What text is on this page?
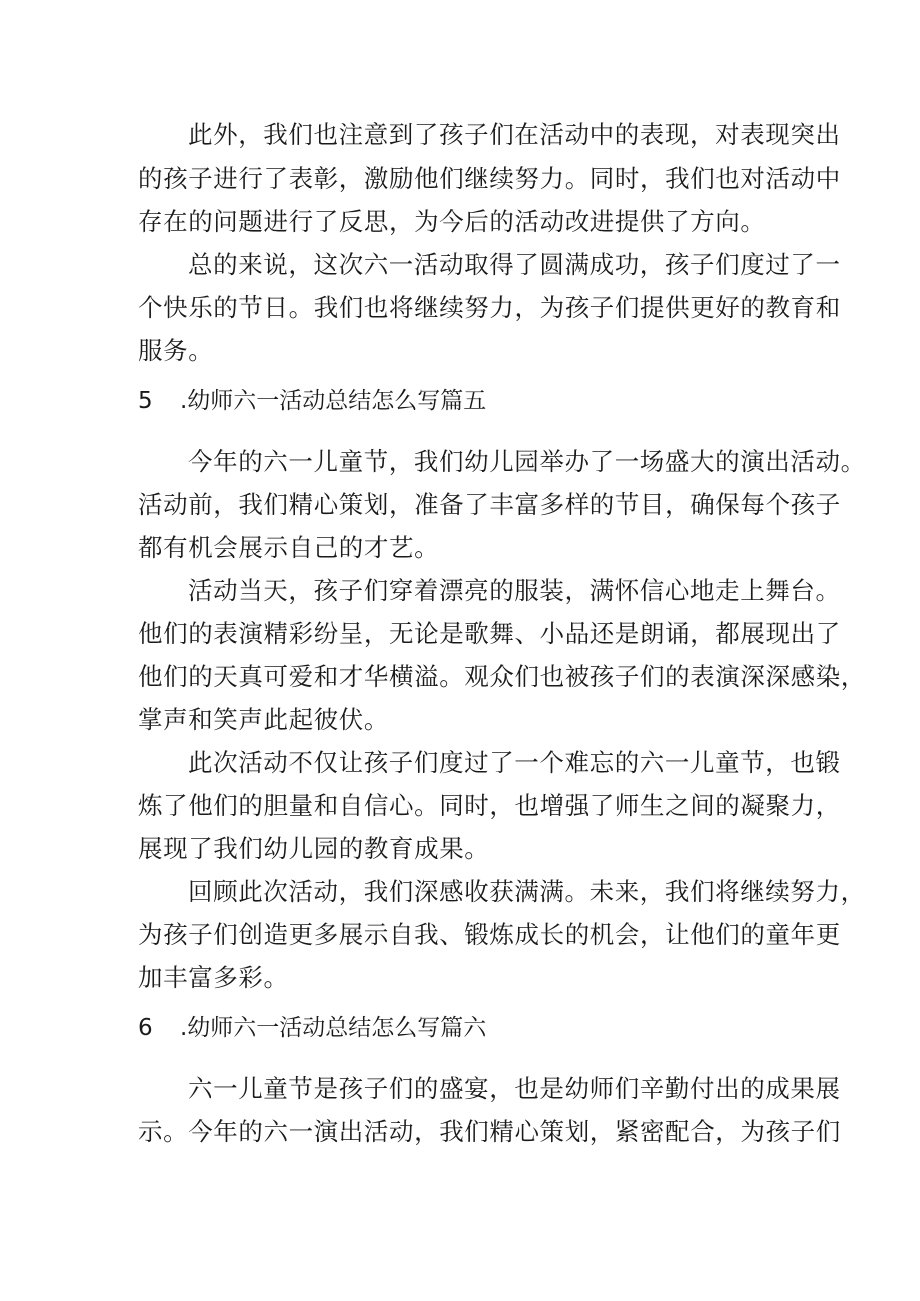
此外，我们也注意到了孩子们在活动中的表现，对表现突出
的孩子进行了表彰，激励他们继续努力。同时，我们也对活动中
存在的问题进行了反思，为今后的活动改进提供了方向。
总的来说，这次六一活动取得了圆满成功，孩子们度过了一
个快乐的节日。我们也将继续努力，为孩子们提供更好的教育和
服务。
5 .幼师六一活动总结怎么写篇五
今年的六一儿童节，我们幼儿园举办了一场盛大的演出活动。
活动前，我们精心策划，准备了丰富多样的节目，确保每个孩子
都有机会展示自己的才艺。
活动当天，孩子们穿着漂亮的服装，满怀信心地走上舞台。
他们的表演精彩纷呈，无论是歌舞、小品还是朗诵，都展现出了
他们的天真可爱和才华横溢。观众们也被孩子们的表演深深感染，
掌声和笑声此起彼伏。
此次活动不仅让孩子们度过了一个难忘的六一儿童节，也锻
炼了他们的胆量和自信心。同时，也增强了师生之间的凝聚力，
展现了我们幼儿园的教育成果。
回顾此次活动，我们深感收获满满。未来，我们将继续努力，
为孩子们创造更多展示自我、锻炼成长的机会，让他们的童年更
加丰富多彩。
6 .幼师六一活动总结怎么写篇六
六一儿童节是孩子们的盛宴，也是幼师们辛勤付出的成果展
示。今年的六一演出活动，我们精心策划，紧密配合，为孩子们
